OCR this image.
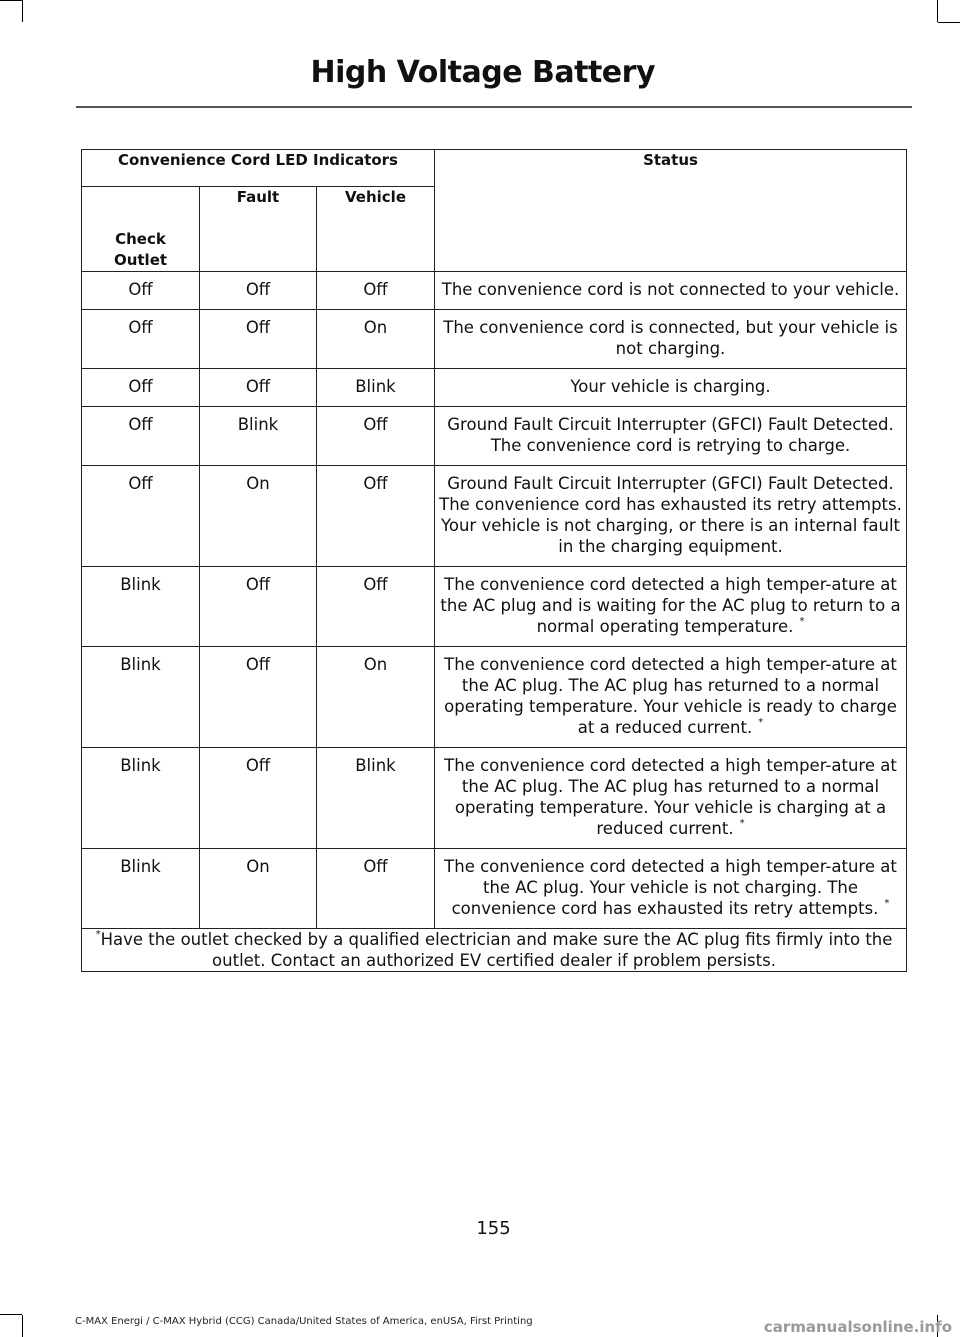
High Voltage Battery
Convenience Cord LED Indicators			Status
Check Outlet	Fault	Vehicle	
Off	Off	Off	The convenience cord is not connected to your vehicle.

Off	Off	On	The convenience cord is connected, but your vehicle is not charging.

Off	Off	Blink	Your vehicle is charging.

Off	Blink	Off	Ground Fault Circuit Interrupter (GFCI) Fault Detected.
The convenience cord is retrying to charge.

Off	On	Off	Ground Fault Circuit Interrupter (GFCI) Fault Detected.
The convenience cord has exhausted its retry attempts. Your vehicle is not charging, or there is an internal fault in the charging equipment.

Blink	Off	Off	The convenience cord detected a high temper-ature at the AC plug and is waiting for the AC plug to return to a normal operating temperature. *
Blink	Off	On	The convenience cord detected a high temper-ature at the AC plug. The AC plug has returned to a normal operating temperature. Your vehicle is ready to charge at a reduced current. *
Blink	Off	Blink	The convenience cord detected a high temper-ature at the AC plug. The AC plug has returned to a normal operating temperature. Your vehicle is charging at a reduced current. *
Blink	On	Off	The convenience cord detected a high temper-ature at the AC plug. Your vehicle is not charging. The convenience cord has exhausted its retry attempts. *
*Have the outlet checked by a qualified electrician and make sure the AC plug fits firmly into the outlet. Contact an authorized EV certified dealer if problem persists.			
155
C-MAX Energi / C-MAX Hybrid (CCG) Canada/United States of America, enUSA, First Printing	carmanualsonline.info
